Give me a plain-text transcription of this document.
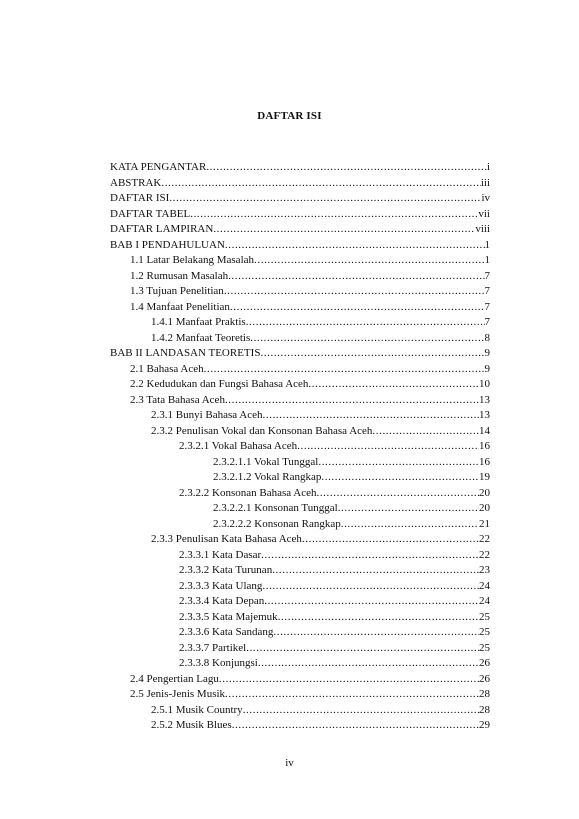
DAFTAR ISI
KATA PENGANTAR .....	i
ABSTRAK .....	iii
DAFTAR ISI .....	iv
DAFTAR TABEL .....	vii
DAFTAR LAMPIRAN .....	viii
BAB I PENDAHULUAN .....	1
1.1 Latar Belakang Masalah .....	1
1.2 Rumusan Masalah .....	7
1.3 Tujuan Penelitian .....	7
1.4 Manfaat Penelitian .....	7
1.4.1 Manfaat Praktis .....	7
1.4.2 Manfaat Teoretis .....	8
BAB II LANDASAN TEORETIS .....	9
2.1 Bahasa Aceh .....	9
2.2 Kedudukan dan Fungsi Bahasa Aceh .....	10
2.3 Tata Bahasa Aceh .....	13
2.3.1 Bunyi Bahasa Aceh .....	13
2.3.2 Penulisan Vokal dan Konsonan Bahasa Aceh .....	14
2.3.2.1 Vokal Bahasa Aceh .....	16
2.3.2.1.1 Vokal Tunggal .....	16
2.3.2.1.2 Vokal Rangkap .....	19
2.3.2.2 Konsonan Bahasa Aceh .....	20
2.3.2.2.1 Konsonan Tunggal .....	20
2.3.2.2.2 Konsonan Rangkap .....	21
2.3.3 Penulisan Kata Bahasa Aceh .....	22
2.3.3.1 Kata Dasar .....	22
2.3.3.2 Kata Turunan .....	23
2.3.3.3 Kata Ulang .....	24
2.3.3.4 Kata Depan .....	24
2.3.3.5 Kata Majemuk .....	25
2.3.3.6 Kata Sandang .....	25
2.3.3.7 Partikel .....	25
2.3.3.8 Konjungsi .....	26
2.4 Pengertian Lagu .....	26
2.5 Jenis-Jenis Musik .....	28
2.5.1 Musik Country .....	28
2.5.2 Musik Blues .....	29
iv
